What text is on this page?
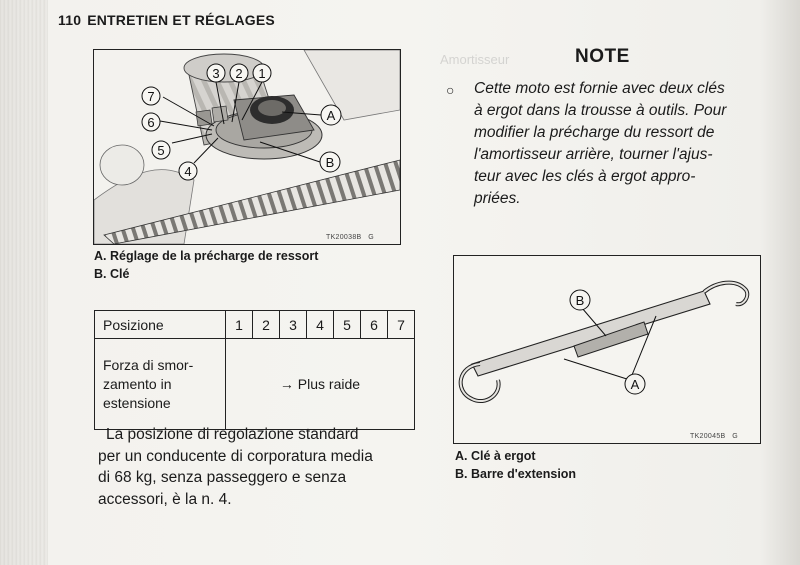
110 ENTRETIEN ET RÉGLAGES
Amortisseur
1
2
3
4
5
6
7
A
B
TK20038B G
A. Réglage de la précharge de ressort
B. Clé
Posizione	1	2	3	4	5	6	7

Forza di smor-
zamento in
estensione	→ Plus raide						
La posizione di regolazione standard
per un conducente di corporatura media
di 68 kg, senza passeggero e senza
accessori, è la n. 4.
NOTE
○ Cette moto est fornie avec deux clés
à ergot dans la trousse à outils. Pour
modifier la précharge du ressort de
l'amortisseur arrière, tourner l'ajus-
teur avec les clés à ergot appro-
priées.
B
A
TK20045B G
A. Clé à ergot
B. Barre d'extension
